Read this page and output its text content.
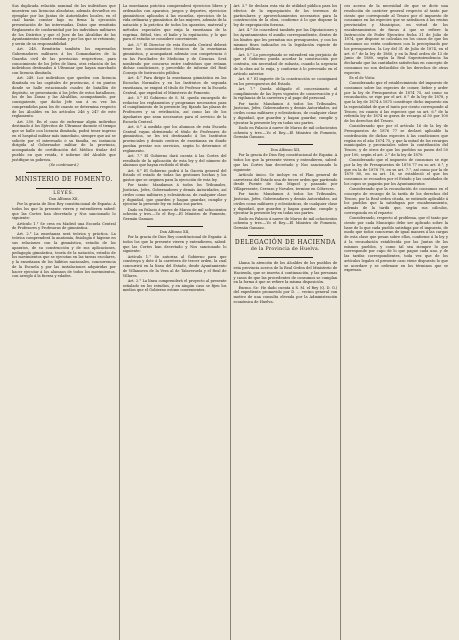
Sus duplicada relación nominal de los individuos que muestren sus licencias absolutas, además devueltos en ejemplar por las Juntas de Autoridades locales, en el cual harán constar bajo su firma la ejecución presentación de las interesadas. Datos que remitirán Reglamento de conformidad por los individuos militares de los Distritos y que el Juez de las Alcaldías de los Ayuntamientos donde residan y por los que se retirarán; y serán de su responsabilidad.

Art. 248. Remitirán también los expresados Gobernadores militares á los Comandantes de la Guardia civil de las provincias respectivas, para conocimiento de los Jefes de línea, otra relación de los individuos destinados á Ultramar que hayan marchado con licencia ilimitada.

Art. 249. Los individuos que queden con licencia ilimitada en las capitales de provincias, ó en puntos donde se halle estacionado cuadro de batallón de depósito, se presentarán á los Jefes de estos batallones, los de las Zonas y las Alcaldías, acompañando, por consiguiente, que dicho Jefe son á su vez los comprendidos para los de cuanto se determina respecto de los Alcaldes en los artículos 246 y 247 de este reglamento.

Art. 250. En el caso de enfermar algún individuo destinado á los Ejércitos de Ultramar durante el tiempo que se halle con licencia ilimitada, podrá tener ingreso en el hospital militar más inmediato, siempre que así se solicite por el interesado ó su familia, en instancia dirigida al Gobernador militar de la provincia, acompañada de certificación del Médico titular del pueblo en que resida, é informe del Alcalde que justifique su pobreza.

(Se continuará.)

MINISTERIO DE FOMENTO.

LEYES.

Don Alfonso XII,

Por la gracia de Dios Rey constitucional de España: A todos los que la presente vieren y entendieren sabed: que las Cortes han decretado y Nos sancionado lo siguiente:

Artículo 1.° Se crea en Madrid una Escuela Central de Profesores y Profesoras de gimnástica.

Art. 2.° La enseñanza será teórica y práctica. La teórica comprenderá la anatomía, fisiología é higiene en sus relaciones con la gimnástica, estudio de los aparatos, de su construcción y de sus aplicaciones, pedagogía gimnástica, teoría de la natación, estudio de los movimientos que se ejecutan en las tareas escolares, y la enseñanza de los hábitos nacionales, concurrencia de la Escuela y por las instalaciones adquiridas por hacer ejecutar á los alumnos de todos los movimientos, con arreglo á la fuerza y edades.

La enseñanza práctica comprenderá ejercicios libres y ordenados con aparatos, juegos y deportes, ejercicios gimnásticos aplicados á las escuelas, ejercicios de la vida ordinaria y gimnástica de las mujeres, además de la natación y la práctica de todos los aparatos, material y métodos especiales que exija la enseñanza de la esgrima, fútbol, tiro, el baile y la equitación, y lo que para el estudio se considere conveniente.

Art. 3.° El Director de esta Escuela Central deberá tener los conocimientos técnicos de la enseñanza gimnástica, y acompañará además con competencia ó en las Facultades de Medicina y de Ciencias. Será nombrado por concurso entre individuos que reúnan dichas condiciones, y precedido de informe del Real Consejo de Instrucción pública.

Art. 4.° Para dirigir la enseñanza gimnástica en las Escuelas Normales y en los Institutos de segunda enseñanza, se exigirá el título de Profesor en la Escuela Central, que expedirá el Ministerio de Fomento.

Art. 5.° El Gobierno de S. M. queda encargado de redactar los reglamentos y programas necesarios para el cumplimiento de la presente ley, fijando las plazas de Profesores y su retribución, así como las de los Ayudantes que sean necesarios para el servicio de la Escuela Central.

Art. 6.° A medida que los alumnos de esta Escuela Central vayan obteniendo el título de Profesores de gimnástica, se les irá destinando á los Institutos provinciales y demás centros de enseñanza en donde puedan prestar sus servicios, según lo determine el reglamento.

Art. 7.° El Gobierno dará cuenta á las Cortes del resultado de la aplicación de esta ley y del número de alumnos que hayan recibido el título.

Art. 8.° El Gobierno podrá á la Gaceta general del Estado el estado de todas las gestiones hechas y los gastos que se originen para la ejecución de esta ley.

Por tanto: Mandamos á todos los Tribunales, Justicias, Jefes, Gobernadores y demás Autoridades, así civiles como militares y eclesiásticas, de cualquier clase y dignidad, que guarden y hagan guardar, cumplir y ejecutar la presente ley en todas sus partes.

Dado en Palacio á nueve de Marzo de mil ochocientos ochenta y tres.—Yo el Rey.—El Ministro de Fomento, Germán Gamazo.

Don Alfonso XII,

Por la gracia de Dios Rey constitucional de España: A todos los que la presente vieren y entendieren, sabed: que las Cortes han decretado y Nos sancionado lo siguiente:

Artículo 1.° Se autoriza al Gobierno para que construya y dote á la carretera de tercer orden, la cual concurrirá en la línea del Estado, desde Ayuntamiento de Villanueva de la Vera al de Talaveruela y el Real de Villares.

Art. 2.° La línea comprenderá el proyecto al presente señalado en los estudios, y en ningún caso se fijen los medios que el Gobierno estime convenientes.

Art. 3.° Se declara esta vía de utilidad pública para los efectos de la expropiación de los terrenos de particulares y aprovechamientos necesarios para la construcción de la obra, conforme á lo que dispone la ley de expropiación forzosa.

Art. 4.° Se concederá también por las Diputaciones y los Ayuntamientos el auxilio correspondiente, dentro de los límites que les permitan sus presupuestos, y con los mismos fines indicados en la legislación vigente de obras públicas.

Art. 5.° Lo preceptuado se entenderá sin perjuicio de que el Gobierno pueda acordar la construcción por contrata, sin necesidad de subasta, cuando la urgencia de la obra así lo exija, y conforme á lo prevenido en el artículo anterior.

Art. 6.° El importe de la construcción se consignará en los presupuestos del Estado.

Art. 7.° Queda obligado el concesionario al cumplimiento de las leyes vigentes de conservación y á la vigilancia de la carretera y al pago del personal.

Por tanto: Mandamos á todos los Tribunales, Justicias, Jefes, Gobernadores y demás Autoridades, así civiles como militares y eclesiásticas, de cualquier clase y dignidad, que guarden y hagan guardar, cumplir y ejecutar la presente ley en todas sus partes.

Dado en Palacio á nueve de Marzo de mil ochocientos ochenta y tres.—Yo el Rey.—El Ministro de Fomento, Germán Gamazo.

Don Alfonso XII,

Por la gracia de Dios Rey constitucional de España: A todos los que la presente vieren y entendieren, sabed: que las Cortes han decretado y Nos sancionado lo siguiente:

Artículo único. Se incluye en el Plan general de carreteras del Estado una de tercer orden que partiendo desde Puente de San Miguel y pasando por Villapresente, Cerrazo y Novales, termine en Cóbreces.

Por tanto: Mandamos á todos los Tribunales, Justicias, Jefes, Gobernadores y demás Autoridades, así civiles como militares y eclesiásticas, de cualquier clase y dignidad, que guarden y hagan guardar, cumplir y ejecutar la presente ley en todas sus partes.

Dado en Palacio á nueve de Marzo de mil ochocientos ochenta y tres.—Yo el Rey.—El Ministro de Fomento, Germán Gamazo.

DELEGACIÓN DE HACIENDA

de la Provincia de Huelva.

Llama la atención de los Alcaldes de los pueblos de esta provincia acerca de la Real Orden del Ministerio de Hacienda, que se inserta á continuación, y las personas y casos de que las procedentes de consumos se cumplan en la forma á que se refiere la misma disposición.

Excmo. Sr.: He dado cuenta á S. M. el Rey (Q. D. G.) del expediente promovido por D. ... vecino general con motivo de una consulta elevada por la Administración económica de Huelva.

ces acerca de la necesidad de que se dicte una resolución de carácter general respecto al tanto por ciento que corresponde al Tesoro por el impuesto de consumos en las especies que se satisfacen á las rentas provinciales y Municipios, en virtud de los encabezamientos de fincas á que se refiere la Instrucción de Poder Ejecutivo fecha 31 de Julio de 1874, que dispone se calculan en los casos de que los consumos no estén conformes con lo preceptuado por los presupuestos, la Ley del 31 de Julio de 1874, en el art. 6.° de la ley de 1880, y en la Real orden de 13 de Junio de 1880, según la Real Superintendencia ha declarado que las cantidades satisfechas en concepto de consumos no son deducibles de los derechos de otras especies.

Es el de Vista:

Considerando que el establecimiento del impuesto de consumos sobre las especies de comer, beber y arder por la ley de Presupuestos de 1874 75, así como su recaudación, se rige por el art. 6.° de la ley de 1878, y que la ley de 1874 á 1875 constituye dicho impuesto sin la especialidad de que el tanto por ciento corresponde al Tesoro, en cuanto á las especies que su art. 6.° de la referida ley de 1874 se grava de recargo al 50 por 100 de los derechos del Tesoro.

Considerando que por el artículo 16 de la ley de Presupuestos de 1876 77 se declaró aplicable la contribución de dichas especies á las condiciones que regían en el año 1874 75, y que la mitad de los recargos municipales y provinciales sobre la contribución del Tesoro, y de otros de que los pueblos no pasen del 50 por 100, según el art. 2.° de la ley de 1870:

Considerando que el impuesto de consumos se rige por la ley de Presupuestos de 1876 77 en su art. 6.°, y que en la de 1878 79, en su art. 7.°, así como por la de 1879 80, en su art. 16, se estableció el que los consumos se recauden por el Estado y las cantidades de los cupos se pagarán por los Ayuntamientos:

Considerando que la recaudación de consumos en el concepto de recargo de la tarifa de los derechos del Tesoro, por la Real orden citada, se entiende aplicable á los pueblos que la satisfagan por encabezamiento, además de la tarifa que, según sus cálculos, corresponda en el reparto:

Considerando, respecto al problema, que el tanto por ciento por cada Municipio debe ser aplicado sobre la base de lo que cada pueblo satisfaga por el impuesto, de modo que todos concurran de igual manera á las cargas de esta clase que pesan sobre ellos, conforme á la ley y á la recaudación establecida por las Juntas de los mismos pueblos, y como tal sea siempre lo que corresponde por cupo de lo que pague cada uno, y de las tarifas correspondientes, toda vez que de los artículos legales el presente caso viene dispuesto lo que se acordare y se ordenase en los términos que se expresan.
